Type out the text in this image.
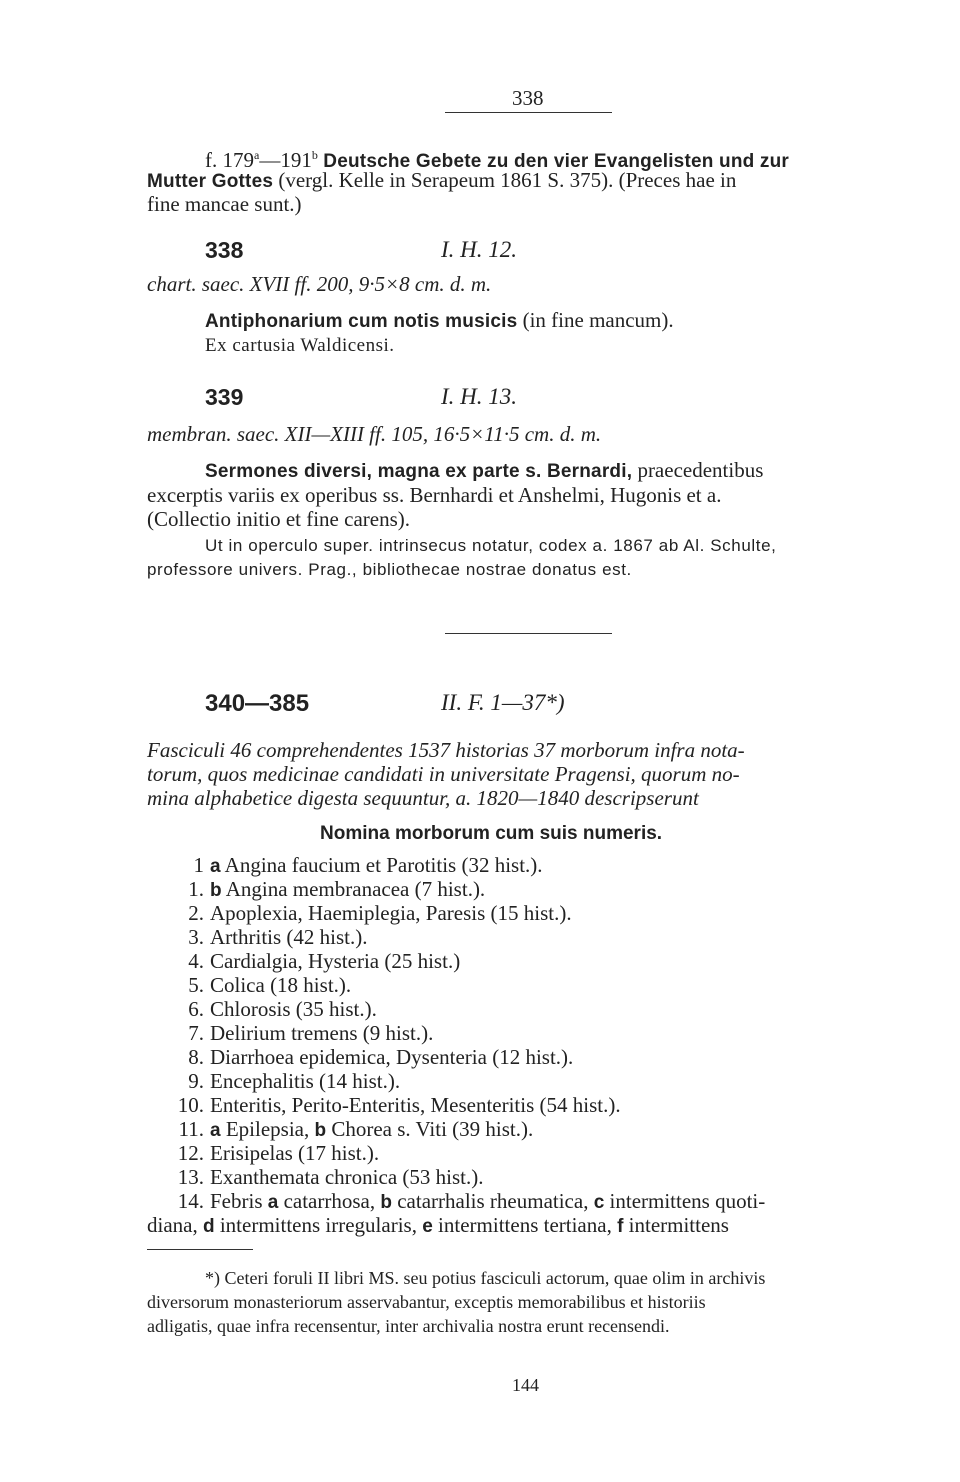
338
f. 179$^a$—191$^b$ Deutsche Gebete zu den vier Evangelisten und zur
Mutter Gottes (vergl. Kelle in Serapeum 1861 S. 375). (Preces hae in
fine mancae sunt.)
338	I. H. 12.
chart. saec. XVII ff. 200, 9·5×8 cm. d. m.
Antiphonarium cum notis musicis (in fine mancum).
Ex cartusia Waldicensi.
339	I. H. 13.
membran. saec. XII—XIII ff. 105, 16·5×11·5 cm. d. m.
Sermones diversi, magna ex parte s. Bernardi, praecedentibus
excerptis variis ex operibus ss. Bernhardi et Anshelmi, Hugonis et a.
(Collectio initio et fine carens).
Ut in operculo super. intrinsecus notatur, codex a. 1867 ab Al. Schulte,
professore univers. Prag., bibliothecae nostrae donatus est.
340—385	II. F. 1—37*)
Fasciculi 46 comprehendentes 1537 historias 37 morborum infra nota-
torum, quos medicinae candidati in universitate Pragensi, quorum no-
mina alphabetice digesta sequuntur, a. 1820—1840 descripserunt
Nomina morborum cum suis numeris.
1 a Angina faucium et Parotitis (32 hist.).
1. b Angina membranacea (7 hist.).
2. Apoplexia, Haemiplegia, Paresis (15 hist.).
3. Arthritis (42 hist.).
4. Cardialgia, Hysteria (25 hist.)
5. Colica (18 hist.).
6. Chlorosis (35 hist.).
7. Delirium tremens (9 hist.).
8. Diarrhoea epidemica, Dysenteria (12 hist.).
9. Encephalitis (14 hist.).
10. Enteritis, Perito-Enteritis, Mesenteritis (54 hist.).
11. a Epilepsia, b Chorea s. Viti (39 hist.).
12. Erisipelas (17 hist.).
13. Exanthemata chronica (53 hist.).
14. Febris a catarrhosa, b catarrhalis rheumatica, c intermittens quoti-
diana, d intermittens irregularis, e intermittens tertiana, f intermittens
*) Ceteri foruli II libri MS. seu potius fasciculi actorum, quae olim in archivis
diversorum monasteriorum asservabantur, exceptis memorabilibus et historiis
adligatis, quae infra recensentur, inter archivalia nostra erunt recensendi.
144
